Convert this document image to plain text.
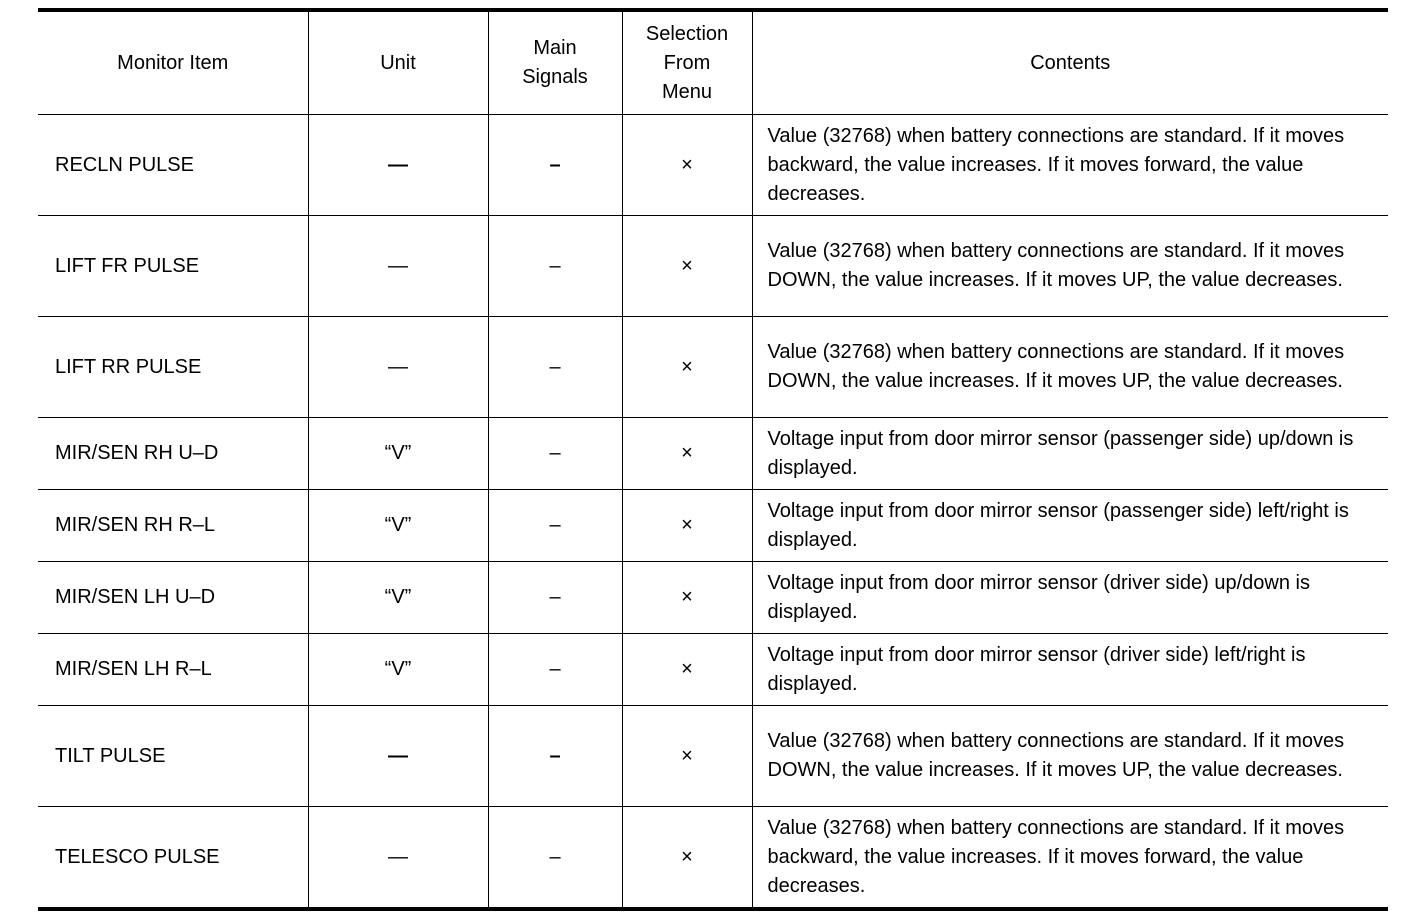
Monitor Item	Unit	Main Signals	Selection From Menu	Contents
RECLN PULSE	—	–	×	Value (32768) when battery connections are standard. If it moves backward, the value increases. If it moves forward, the value decreases.
LIFT FR PULSE	—	–	×	Value (32768) when battery connections are standard. If it moves DOWN, the value increases. If it moves UP, the value decreases.
LIFT RR PULSE	—	–	×	Value (32768) when battery connections are standard. If it moves DOWN, the value increases. If it moves UP, the value decreases.
MIR/SEN RH U–D	“V”	–	×	Voltage input from door mirror sensor (passenger side) up/down is displayed.
MIR/SEN RH R–L	“V”	–	×	Voltage input from door mirror sensor (passenger side) left/right is displayed.
MIR/SEN LH U–D	“V”	–	×	Voltage input from door mirror sensor (driver side) up/down is displayed.
MIR/SEN LH R–L	“V”	–	×	Voltage input from door mirror sensor (driver side) left/right is displayed.
TILT PULSE	—	–	×	Value (32768) when battery connections are standard. If it moves DOWN, the value increases. If it moves UP, the value decreases.
TELESCO PULSE	—	–	×	Value (32768) when battery connections are standard. If it moves backward, the value increases. If it moves forward, the value decreases.
